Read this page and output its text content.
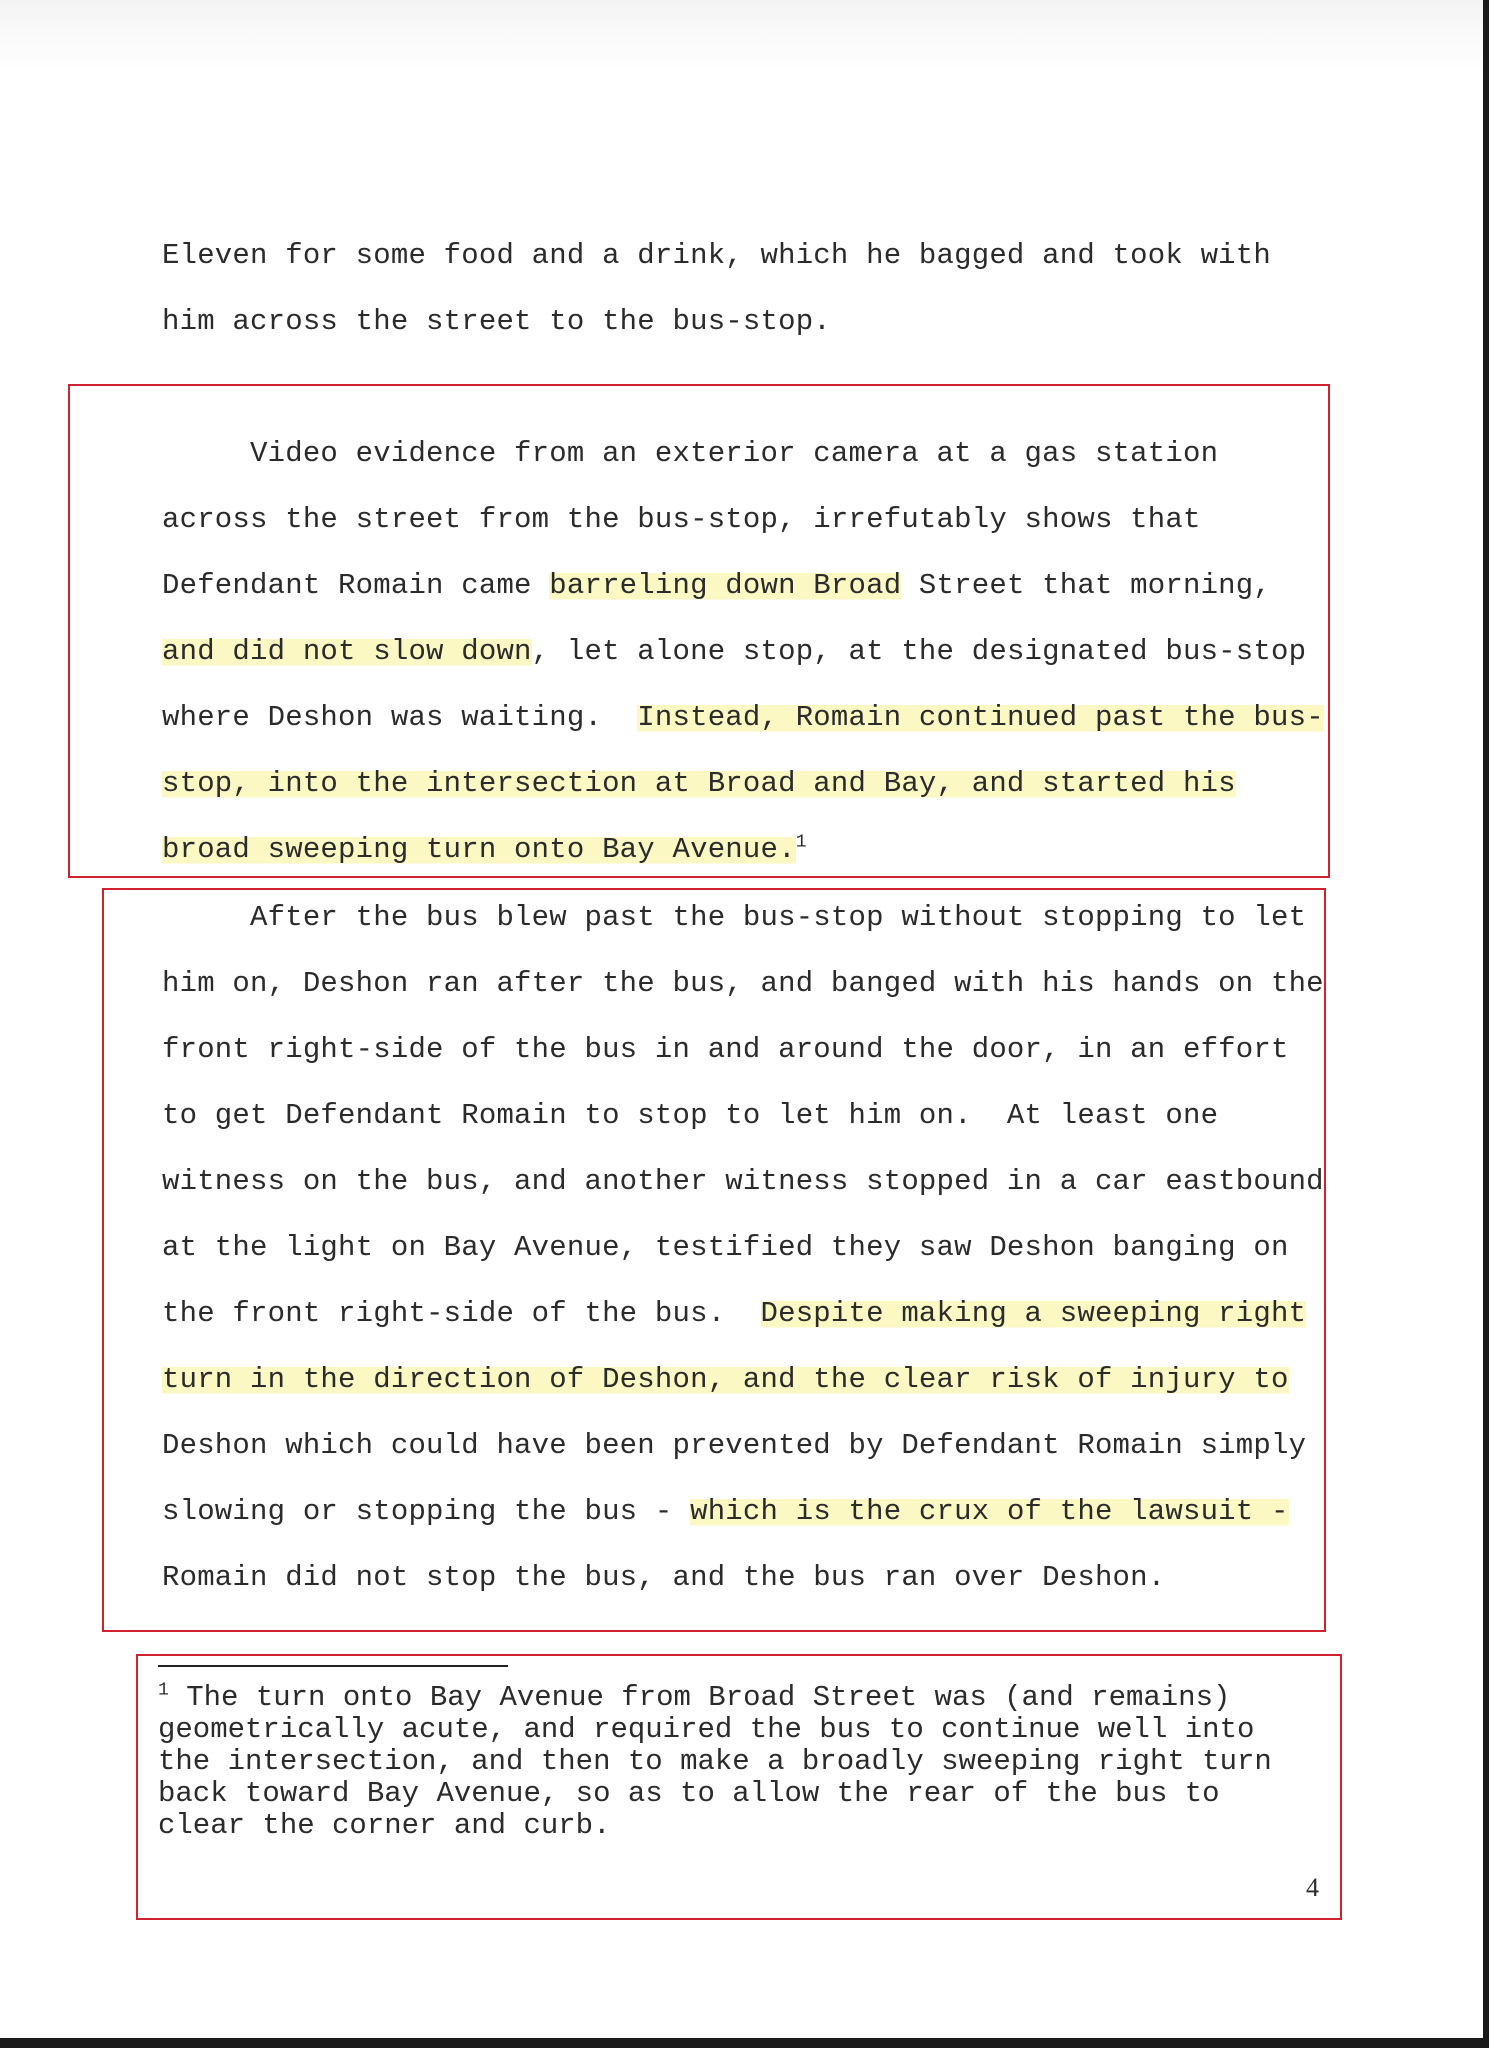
Eleven for some food and a drink, which he bagged and took with
him across the street to the bus-stop.
Video evidence from an exterior camera at a gas station
across the street from the bus-stop, irrefutably shows that
Defendant Romain came barreling down Broad Street that morning,
and did not slow down, let alone stop, at the designated bus-stop
where Deshon was waiting.  Instead, Romain continued past the bus-
stop, into the intersection at Broad and Bay, and started his
broad sweeping turn onto Bay Avenue.$^1$
After the bus blew past the bus-stop without stopping to let
him on, Deshon ran after the bus, and banged with his hands on the
front right-side of the bus in and around the door, in an effort
to get Defendant Romain to stop to let him on.  At least one
witness on the bus, and another witness stopped in a car eastbound
at the light on Bay Avenue, testified they saw Deshon banging on
the front right-side of the bus.  Despite making a sweeping right
turn in the direction of Deshon, and the clear risk of injury to
Deshon which could have been prevented by Defendant Romain simply
slowing or stopping the bus - which is the crux of the lawsuit -
Romain did not stop the bus, and the bus ran over Deshon.
$^1$ The turn onto Bay Avenue from Broad Street was (and remains)
geometrically acute, and required the bus to continue well into
the intersection, and then to make a broadly sweeping right turn
back toward Bay Avenue, so as to allow the rear of the bus to
clear the corner and curb.
4
